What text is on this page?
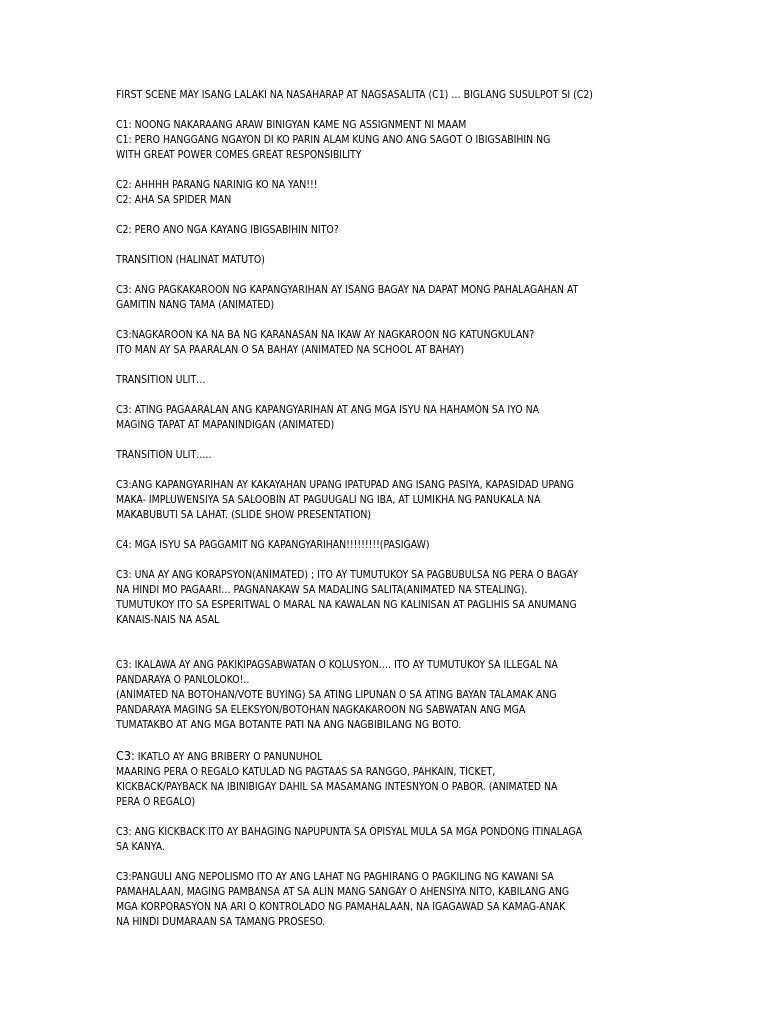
FIRST SCENE MAY ISANG LALAKI NA NASAHARAP AT NAGSASALITA (C1) … BIGLANG SUSULPOT SI (C2)
C1: NOONG NAKARAANG ARAW BINIGYAN KAME NG ASSIGNMENT NI MAAM
C1: PERO HANGGANG NGAYON DI KO PARIN ALAM KUNG ANO ANG SAGOT O IBIGSABIHIN NG
WITH GREAT POWER COMES GREAT RESPONSIBILITY
C2: AHHHH PARANG NARINIG KO NA YAN!!!
C2: AHA SA SPIDER MAN
C2: PERO ANO NGA KAYANG IBIGSABIHIN NITO?
TRANSITION (HALINAT MATUTO)
C3: ANG PAGKAKAROON NG KAPANGYARIHAN AY ISANG BAGAY NA DAPAT MONG PAHALAGAHAN AT
GAMITIN NANG TAMA (ANIMATED)
C3:NAGKAROON KA NA BA NG KARANASAN NA IKAW AY NAGKAROON NG KATUNGKULAN?
ITO MAN AY SA PAARALAN O SA BAHAY (ANIMATED NA SCHOOL AT BAHAY)
TRANSITION ULIT…
C3: ATING PAGAARALAN ANG KAPANGYARIHAN AT ANG MGA ISYU NA HAHAMON SA IYO NA
MAGING TAPAT AT MAPANINDIGAN (ANIMATED)
TRANSITION ULIT…..
C3:ANG KAPANGYARIHAN AY KAKAYAHAN UPANG IPATUPAD ANG ISANG PASIYA, KAPASIDAD UPANG
MAKA- IMPLUWENSIYA SA SALOOBIN AT PAGUUGALI NG IBA, AT LUMIKHA NG PANUKALA NA
MAKABUBUTI SA LAHAT. (SLIDE SHOW PRESENTATION)
C4: MGA ISYU SA PAGGAMIT NG KAPANGYARIHAN!!!!!!!!!(PASIGAW)
C3: UNA AY ANG KORAPSYON(ANIMATED) ; ITO AY TUMUTUKOY SA PAGBUBULSA NG PERA O BAGAY
NA HINDI MO PAGAARI… PAGNANAKAW SA MADALING SALITA(ANIMATED NA STEALING).
TUMUTUKOY ITO SA ESPERITWAL O MARAL NA KAWALAN NG KALINISAN AT PAGLIHIS SA ANUMANG
KANAIS-NAIS NA ASAL
C3: IKALAWA AY ANG PAKIKIPAGSABWATAN O KOLUSYON…. ITO AY TUMUTUKOY SA ILLEGAL NA
PANDARAYA O PANLOLOKO!..
(ANIMATED NA BOTOHAN/VOTE BUYING) SA ATING LIPUNAN O SA ATING BAYAN TALAMAK ANG
PANDARAYA MAGING SA ELEKSYON/BOTOHAN NAGKAKAROON NG SABWATAN ANG MGA
TUMATAKBO AT ANG MGA BOTANTE PATI NA ANG NAGBIBILANG NG BOTO.
C3: IKATLO AY ANG BRIBERY O PANUNUHOL
MAARING PERA O REGALO KATULAD NG PAGTAAS SA RANGGO, PAHKAIN, TICKET,
KICKBACK/PAYBACK NA IBINIBIGAY DAHIL SA MASAMANG INTESNYON O PABOR. (ANIMATED NA
PERA O REGALO)
C3: ANG KICKBACK ITO AY BAHAGING NAPUPUNTA SA OPISYAL MULA SA MGA PONDONG ITINALAGA
SA KANYA.
C3:PANGULI ANG NEPOLISMO ITO AY ANG LAHAT NG PAGHIRANG O PAGKILING NG KAWANI SA
PAMAHALAAN, MAGING PAMBANSA AT SA ALIN MANG SANGAY O AHENSIYA NITO, KABILANG ANG
MGA KORPORASYON NA ARI O KONTROLADO NG PAMAHALAAN, NA IGAGAWAD SA KAMAG-ANAK
NA HINDI DUMARAAN SA TAMANG PROSESO.
